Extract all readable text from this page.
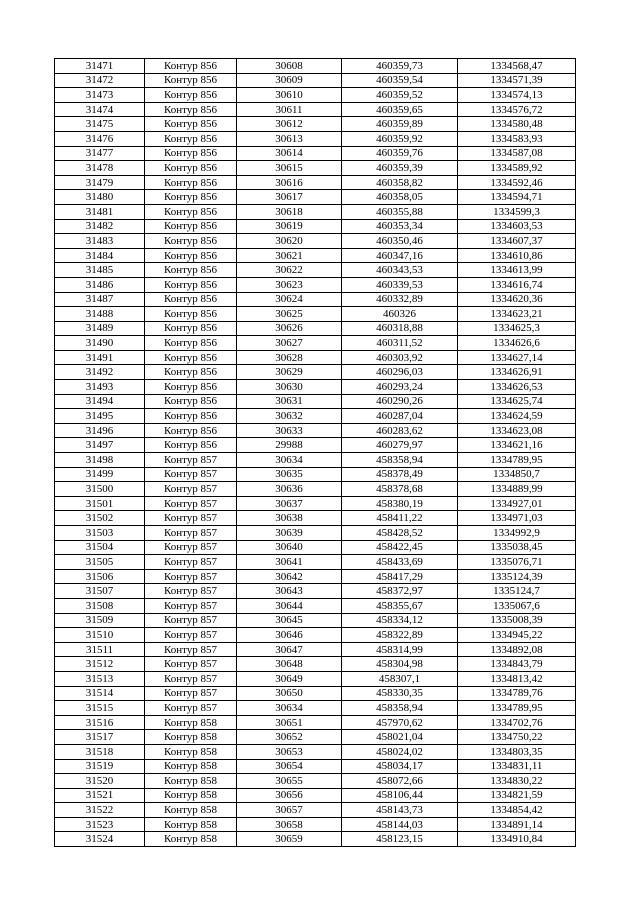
31471	Контур 856	30608	460359,73	1334568,47
31472	Контур 856	30609	460359,54	1334571,39
31473	Контур 856	30610	460359,52	1334574,13
31474	Контур 856	30611	460359,65	1334576,72
31475	Контур 856	30612	460359,89	1334580,48
31476	Контур 856	30613	460359,92	1334583,93
31477	Контур 856	30614	460359,76	1334587,08
31478	Контур 856	30615	460359,39	1334589,92
31479	Контур 856	30616	460358,82	1334592,46
31480	Контур 856	30617	460358,05	1334594,71
31481	Контур 856	30618	460355,88	1334599,3
31482	Контур 856	30619	460353,34	1334603,53
31483	Контур 856	30620	460350,46	1334607,37
31484	Контур 856	30621	460347,16	1334610,86
31485	Контур 856	30622	460343,53	1334613,99
31486	Контур 856	30623	460339,53	1334616,74
31487	Контур 856	30624	460332,89	1334620,36
31488	Контур 856	30625	460326	1334623,21
31489	Контур 856	30626	460318,88	1334625,3
31490	Контур 856	30627	460311,52	1334626,6
31491	Контур 856	30628	460303,92	1334627,14
31492	Контур 856	30629	460296,03	1334626,91
31493	Контур 856	30630	460293,24	1334626,53
31494	Контур 856	30631	460290,26	1334625,74
31495	Контур 856	30632	460287,04	1334624,59
31496	Контур 856	30633	460283,62	1334623,08
31497	Контур 856	29988	460279,97	1334621,16
31498	Контур 857	30634	458358,94	1334789,95
31499	Контур 857	30635	458378,49	1334850,7
31500	Контур 857	30636	458378,68	1334889,99
31501	Контур 857	30637	458380,19	1334927,01
31502	Контур 857	30638	458411,22	1334971,03
31503	Контур 857	30639	458428,52	1334992,9
31504	Контур 857	30640	458422,45	1335038,45
31505	Контур 857	30641	458433,69	1335076,71
31506	Контур 857	30642	458417,29	1335124,39
31507	Контур 857	30643	458372,97	1335124,7
31508	Контур 857	30644	458355,67	1335067,6
31509	Контур 857	30645	458334,12	1335008,39
31510	Контур 857	30646	458322,89	1334945,22
31511	Контур 857	30647	458314,99	1334892,08
31512	Контур 857	30648	458304,98	1334843,79
31513	Контур 857	30649	458307,1	1334813,42
31514	Контур 857	30650	458330,35	1334789,76
31515	Контур 857	30634	458358,94	1334789,95
31516	Контур 858	30651	457970,62	1334702,76
31517	Контур 858	30652	458021,04	1334750,22
31518	Контур 858	30653	458024,02	1334803,35
31519	Контур 858	30654	458034,17	1334831,11
31520	Контур 858	30655	458072,66	1334830,22
31521	Контур 858	30656	458106,44	1334821,59
31522	Контур 858	30657	458143,73	1334854,42
31523	Контур 858	30658	458144,03	1334891,14
31524	Контур 858	30659	458123,15	1334910,84
